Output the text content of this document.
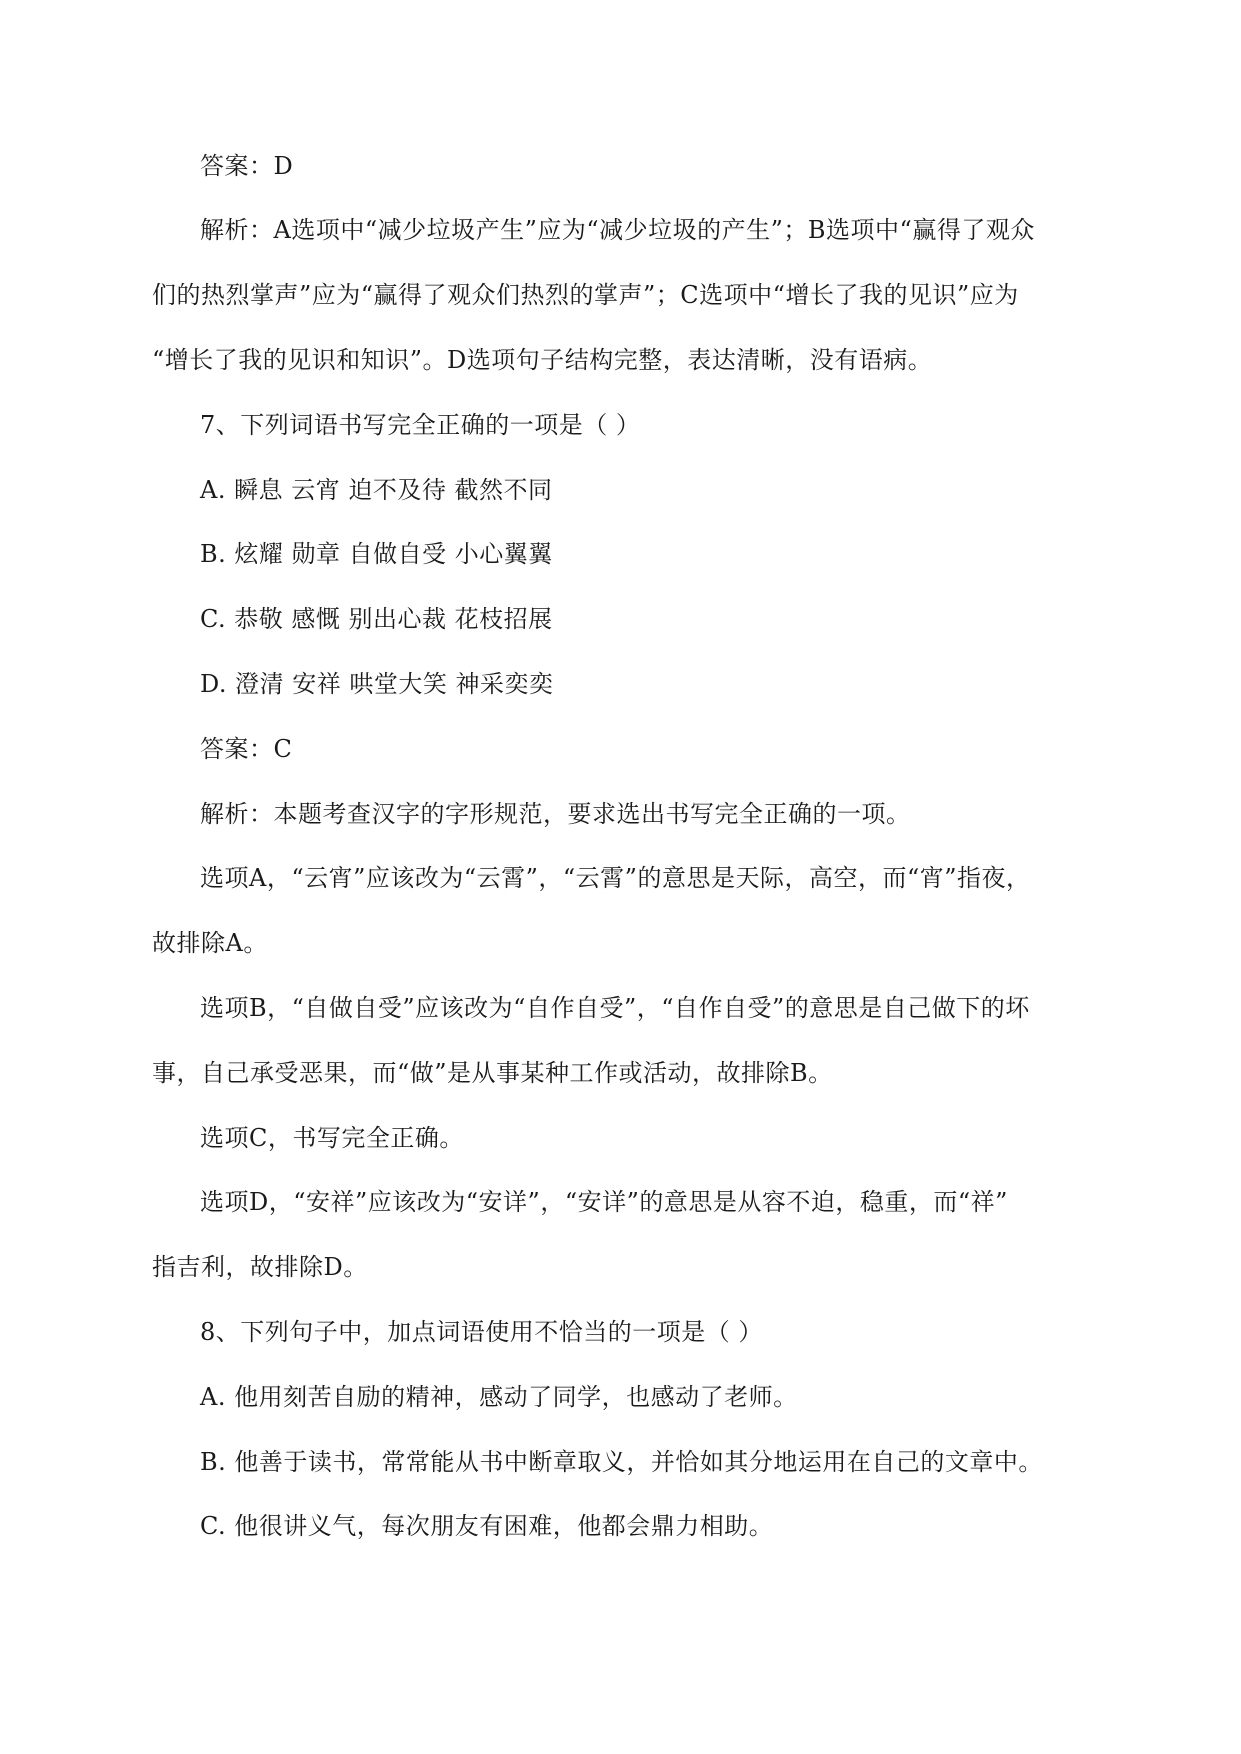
答案：D
解析：A选项中“减少垃圾产生”应为“减少垃圾的产生”；B选项中“赢得了观众
们的热烈掌声”应为“赢得了观众们热烈的掌声”；C选项中“增长了我的见识”应为
“增长了我的见识和知识”。D选项句子结构完整，表达清晰，没有语病。
7、下列词语书写完全正确的一项是（ ）
A. 瞬息 云宵 迫不及待 截然不同
B. 炫耀 勋章 自做自受 小心翼翼
C. 恭敬 感慨 别出心裁 花枝招展
D. 澄清 安祥 哄堂大笑 神采奕奕
答案：C
解析：本题考查汉字的字形规范，要求选出书写完全正确的一项。
选项A，“云宵”应该改为“云霄”，“云霄”的意思是天际，高空，而“宵”指夜，
故排除A。
选项B，“自做自受”应该改为“自作自受”，“自作自受”的意思是自己做下的坏
事，自己承受恶果，而“做”是从事某种工作或活动，故排除B。
选项C，书写完全正确。
选项D，“安祥”应该改为“安详”，“安详”的意思是从容不迫，稳重，而“祥”
指吉利，故排除D。
8、下列句子中，加点词语使用不恰当的一项是（ ）
A. 他用刻苦自励的精神，感动了同学，也感动了老师。
B. 他善于读书，常常能从书中断章取义，并恰如其分地运用在自己的文章中。
C. 他很讲义气，每次朋友有困难，他都会鼎力相助。
